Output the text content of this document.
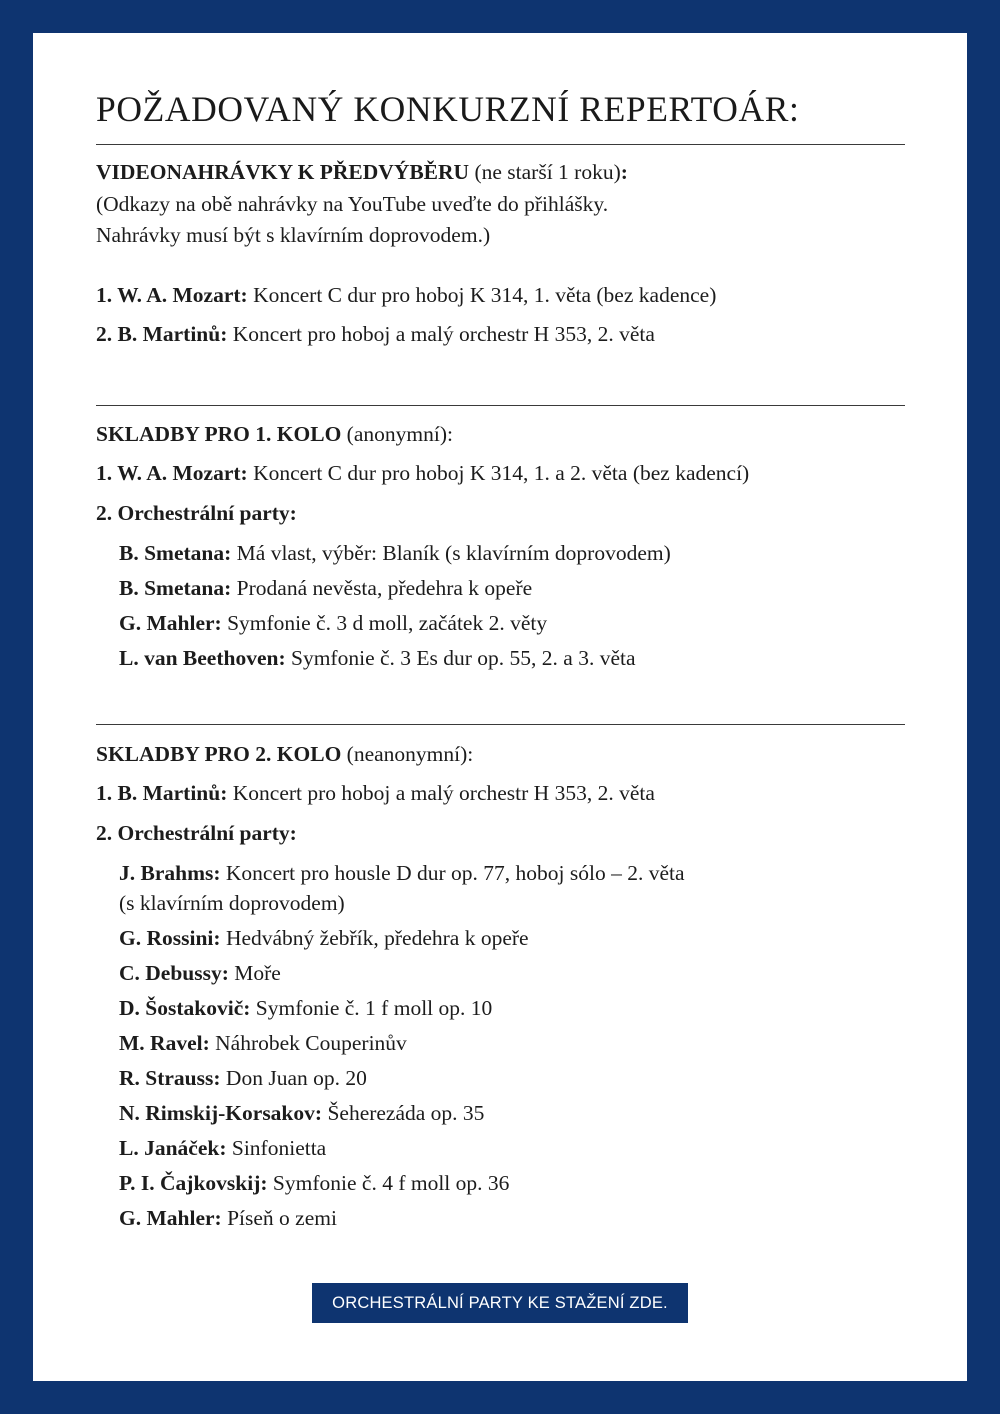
POŽADOVANÝ KONKURZNÍ REPERTOÁR:
VIDEONAHRÁVKY K PŘEDVÝBĚRU (ne starší 1 roku):
(Odkazy na obě nahrávky na YouTube uveďte do přihlášky.
Nahrávky musí být s klavírním doprovodem.)
1. W. A. Mozart: Koncert C dur pro hoboj K 314, 1. věta (bez kadence)
2. B. Martinů: Koncert pro hoboj a malý orchestr H 353, 2. věta
SKLADBY PRO 1. KOLO (anonymní):
1. W. A. Mozart: Koncert C dur pro hoboj K 314, 1. a 2. věta (bez kadencí)
2. Orchestrální party:
B. Smetana: Má vlast, výběr: Blaník (s klavírním doprovodem)
B. Smetana: Prodaná nevěsta, předehra k opeře
G. Mahler: Symfonie č. 3 d moll, začátek 2. věty
L. van Beethoven: Symfonie č. 3 Es dur op. 55, 2. a 3. věta
SKLADBY PRO 2. KOLO (neanonymní):
1. B. Martinů: Koncert pro hoboj a malý orchestr H 353, 2. věta
2. Orchestrální party:
J. Brahms: Koncert pro housle D dur op. 77, hoboj sólo – 2. věta
(s klavírním doprovodem)
G. Rossini: Hedvábný žebřík, předehra k opeře
C. Debussy: Moře
D. Šostakovič: Symfonie č. 1 f moll op. 10
M. Ravel: Náhrobek Couperinův
R. Strauss: Don Juan op. 20
N. Rimskij-Korsakov: Šeherezáda op. 35
L. Janáček: Sinfonietta
P. I. Čajkovskij: Symfonie č. 4 f moll op. 36
G. Mahler: Píseň o zemi
ORCHESTRÁLNÍ PARTY KE STAŽENÍ ZDE.
